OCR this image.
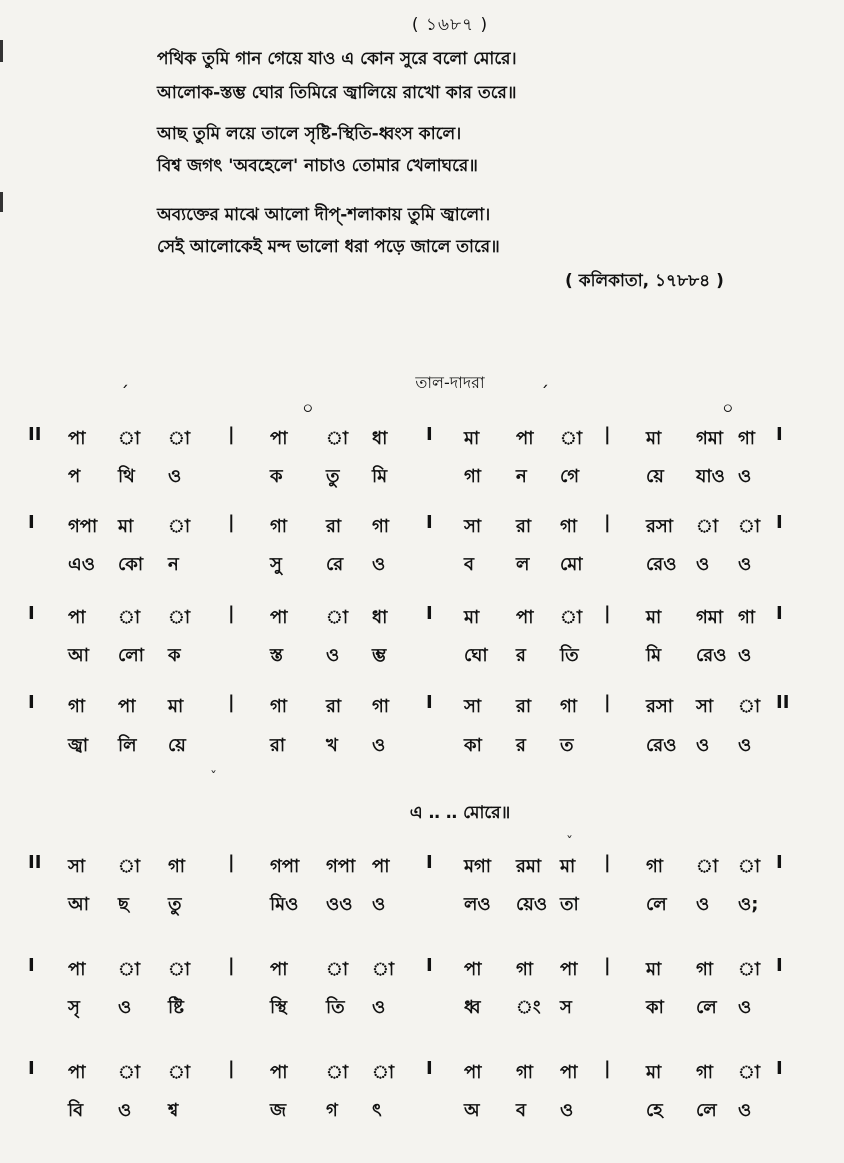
( ১৬৮৭ )
পথিক তুমি গান গেয়ে যাও এ কোন সুরে বলো মোরে।
আলোক-স্তম্ভ ঘোর তিমিরে জ্বালিয়ে রাখো কার তরে॥
আছ তুমি লয়ে তালে সৃষ্টি-স্থিতি-ধ্বংস কালে।
বিশ্ব জগৎ 'অবহেলে' নাচাও তোমার খেলাঘরে॥
অব্যক্তের মাঝে আলো দীপ্‌-শলাকায় তুমি জ্বালো।
সেই আলোকেই মন্দ ভালো ধরা পড়ে জালে তারে॥
( কলিকাতা, ১৭৮৮৪ )
তাল-দাদরা
´
০
´
০
II পা া া | পা া ধা I মা পা া | মা গমা গা I
প থি ও	ক তু মি	গা ন গে	য়ে যাও ও
I গপা মা া | গা রা গা I সা রা গা | রসা া া I
এও কো ন	সু রে ও	ব ল মো	রেও ও ও
I পা া া | পা া ধা I মা পা া | মা গমা গা I
আ লো ক	স্ত ও ম্ভ	ঘো র তি	মি রেও ও
I গা পা মা | গা রা গা I সা রা গা | রসা সা া II
জ্বা লি য়ে	রা খ ও	কা র ত	রেও ও ও
II সা া গা | গপা গপা পা I মগা রমা মা | গা া া I
আ ছ তু	মিও ওও ও	লও য়েও তা	লে ও ও;
I পা া া | পা া া I পা গা পা | মা গা া I
সৃ ও ষ্টি	স্থি তি ও	ধ্ব ং স	কা লে ও
I পা া া | পা া া I পা গা পা | মা গা া I
বি ও শ্ব	জ গ ৎ	অ ব ও	হে লে ও
এ ‥ ‥ মোরে॥
ˇ
ˇ
